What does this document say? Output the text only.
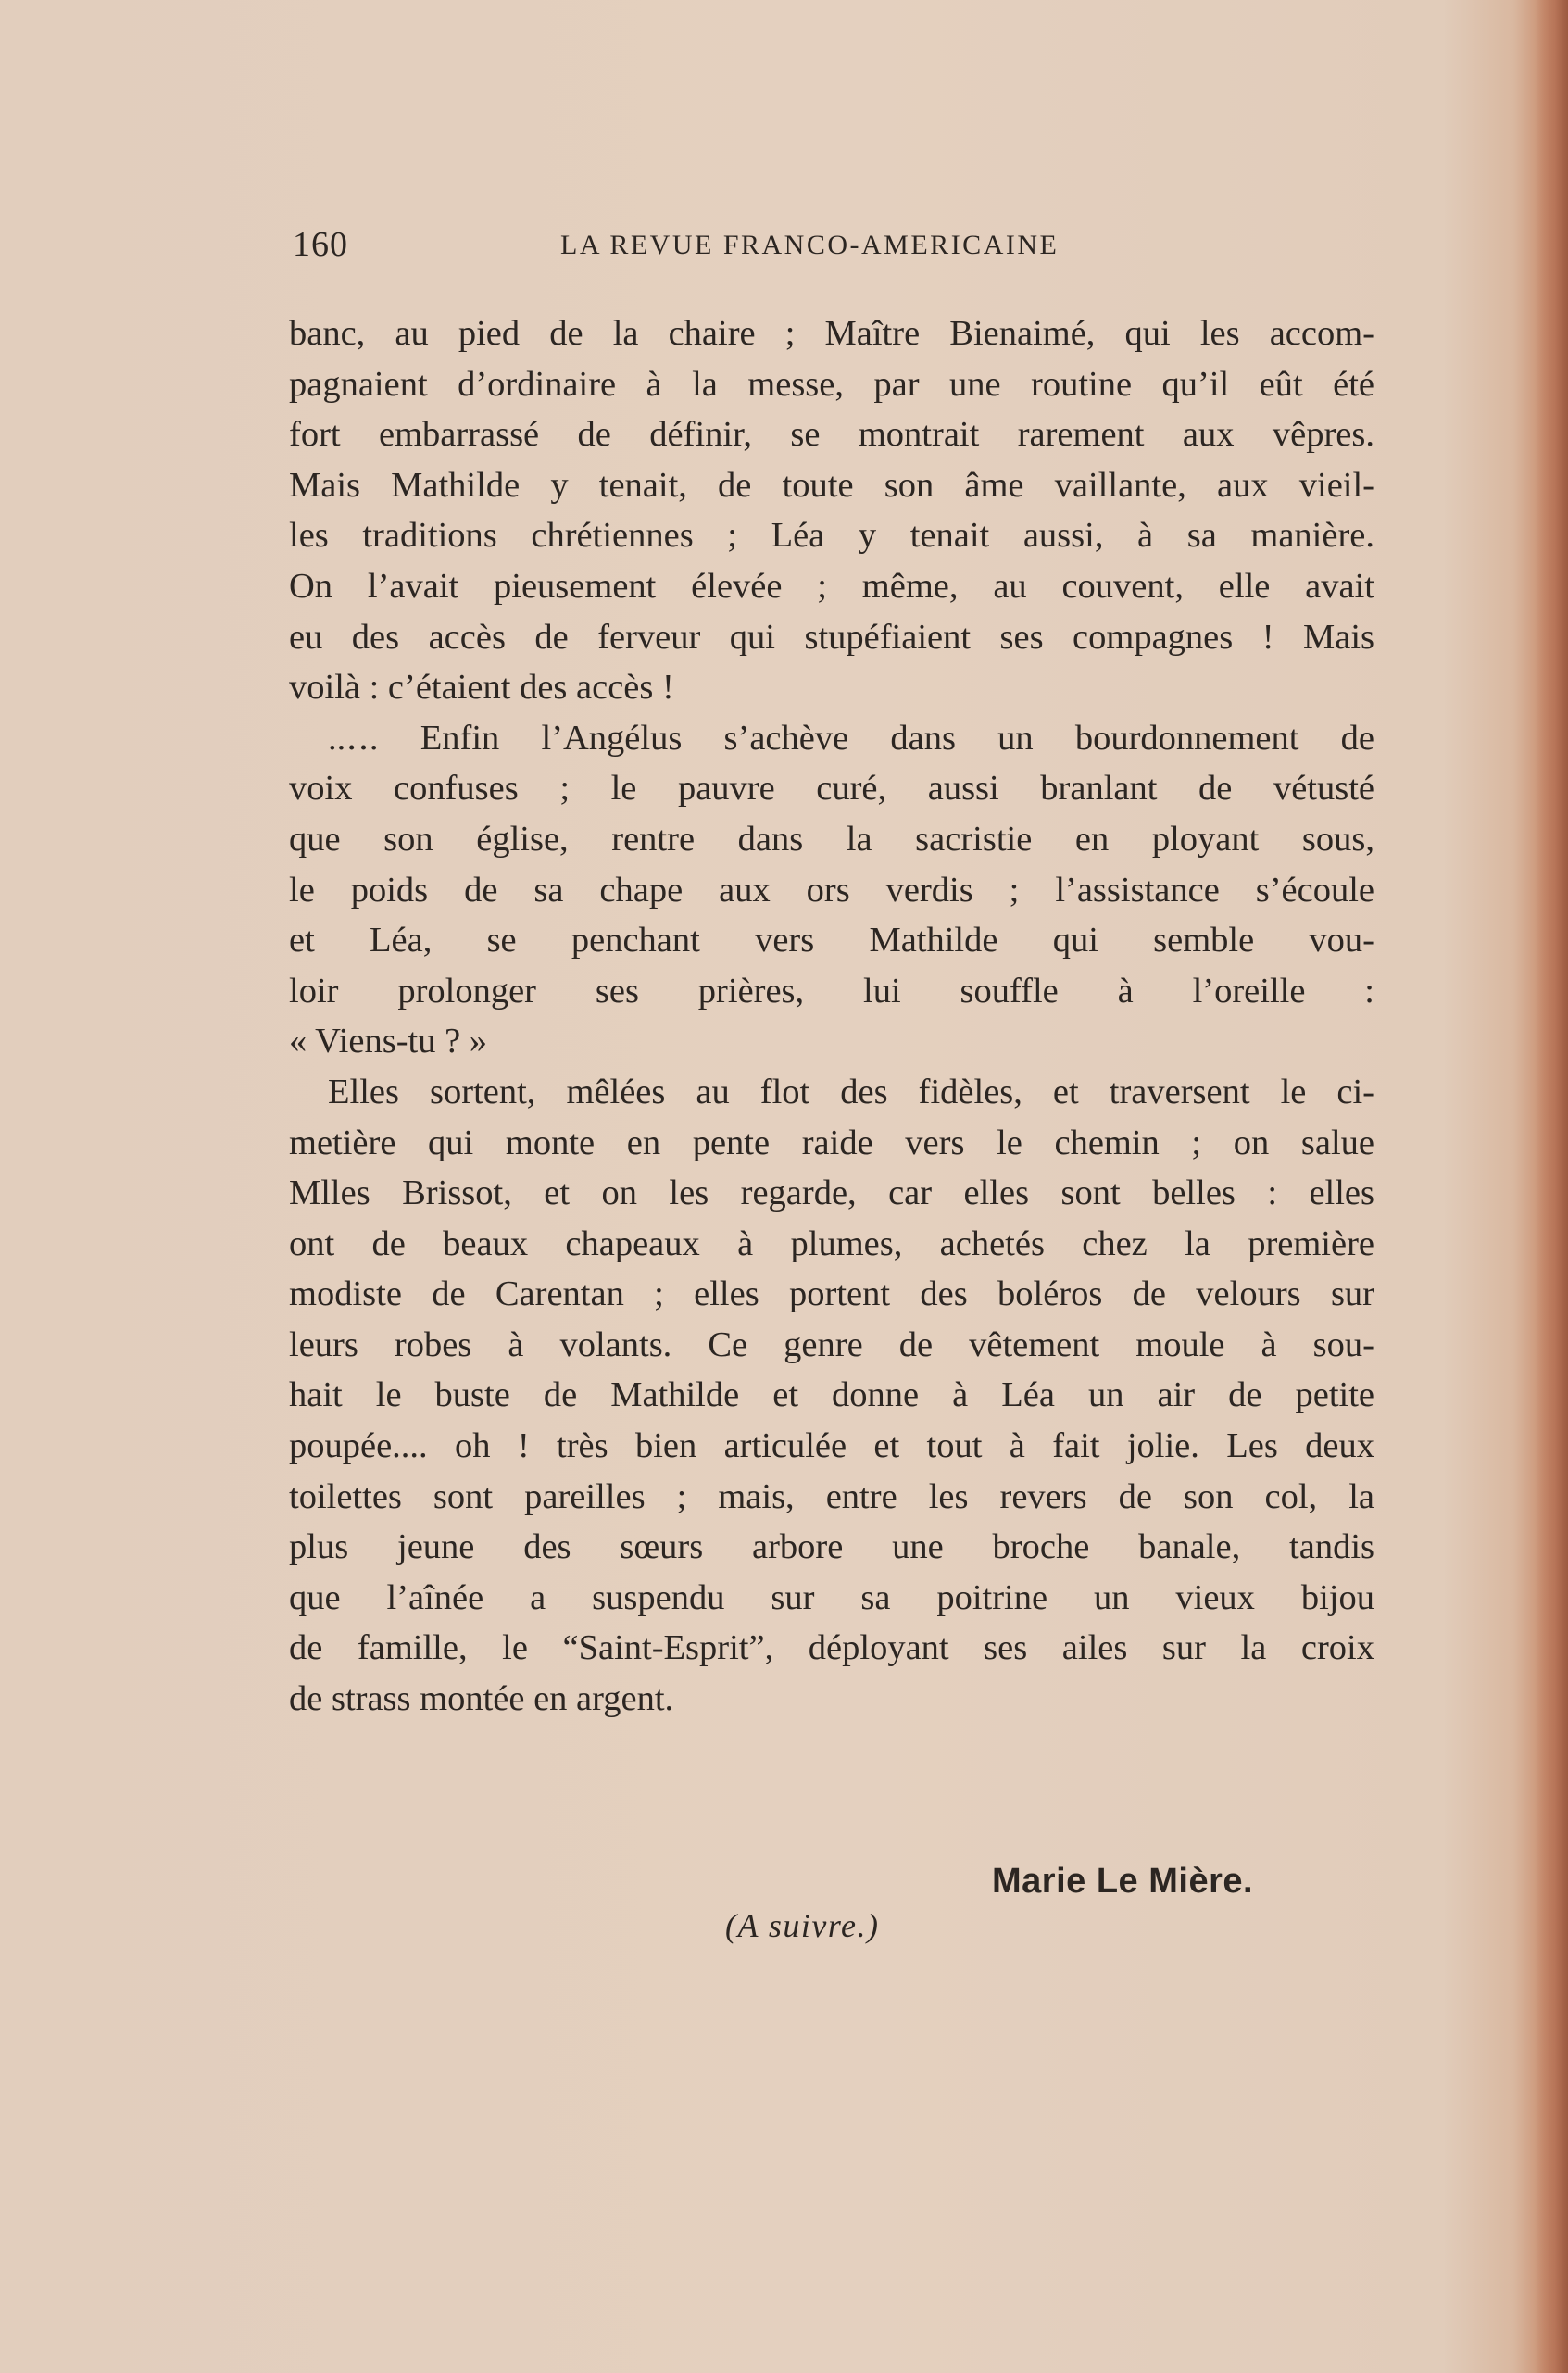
160	LA REVUE FRANCO-AMERICAINE
banc, au pied de la chaire ; Maître Bienaimé, qui les accom-
pagnaient d’ordinaire à la messe, par une routine qu’il eût été
fort embarrassé de définir, se montrait rarement aux vêpres.
Mais Mathilde y tenait, de toute son âme vaillante, aux vieil-
les traditions chrétiennes ; Léa y tenait aussi, à sa manière.
On l’avait pieusement élevée ; même, au couvent, elle avait
eu des accès de ferveur qui stupéfiaient ses compagnes ! Mais
voilà : c’étaient des accès !
..‥. Enfin l’Angélus s’achève dans un bourdonnement de
voix confuses ; le pauvre curé, aussi branlant de vétusté
que son église, rentre dans la sacristie en ployant sous,
le poids de sa chape aux ors verdis ; l’assistance s’écoule
et Léa, se penchant vers Mathilde qui semble vou-
loir prolonger ses prières, lui souffle à l’oreille :
« Viens-tu ? »
Elles sortent, mêlées au flot des fidèles, et traversent le ci-
metière qui monte en pente raide vers le chemin ; on salue
Mlles Brissot, et on les regarde, car elles sont belles : elles
ont de beaux chapeaux à plumes, achetés chez la première
modiste de Carentan ; elles portent des boléros de velours sur
leurs robes à volants. Ce genre de vêtement moule à sou-
hait le buste de Mathilde et donne à Léa un air de petite
poupée.... oh ! très bien articulée et tout à fait jolie. Les deux
toilettes sont pareilles ; mais, entre les revers de son col, la
plus jeune des sœurs arbore une broche banale, tandis
que l’aînée a suspendu sur sa poitrine un vieux bijou
de famille, le “Saint-Esprit”, déployant ses ailes sur la croix
de strass montée en argent.
Marie Le Mière.
(A suivre.)
